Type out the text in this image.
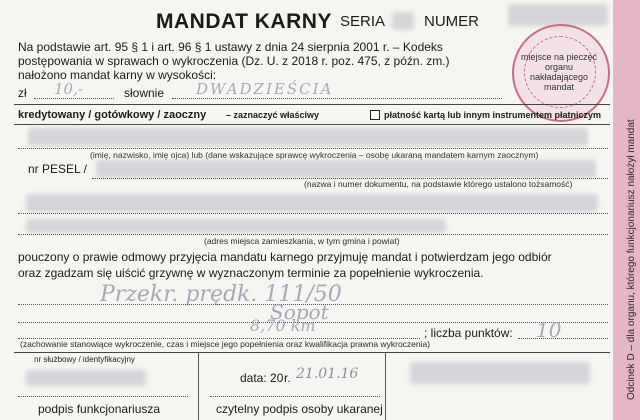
Odcinek D – dla organu, którego funkcjonariusz nałożył mandat
MANDAT KARNY SERIA	NUMER
miejsce na pieczęć organu nakładającego mandat
Na podstawie art. 95 § 1 i art. 96 § 1 ustawy z dnia 24 sierpnia 2001 r. – Kodeks
postępowania w sprawach o wykroczenia (Dz. U. z 2018 r. poz. 475, z późn. zm.)
nałożono mandat karny w wysokości:
zł 10,-	słownie DWADZIEŚCIA
kredytowany / gotówkowy / zaoczny – zaznaczyć właściwy	płatność kartą lub innym instrumentem płatniczym
(imię, nazwisko, imię ojca) lub (dane wskazujące sprawcę wykroczenia – osobę ukaraną mandatem karnym zaocznym)
nr PESEL /
(nazwa i numer dokumentu, na podstawie którego ustalono tożsamość)
(adres miejsca zamieszkania, w tym gmina i powiat)
pouczony o prawie odmowy przyjęcia mandatu karnego przyjmuję mandat i potwierdzam jego odbiór
oraz zgadzam się uiścić grzywnę w wyznaczonym terminie za popełnienie wykroczenia.
Przekr. prędk. 111/50
Sopot
8,70 km
(zachowanie stanowiące wykroczenie, czas i miejsce jego popełnienia oraz kwalifikacja prawna wykroczenia)
; liczba punktów: 10
nr służbowy / identyfikacyjny
data: 20 21.01.16
r.
podpis funkcjonariusza	czytelny podpis osoby ukaranej
